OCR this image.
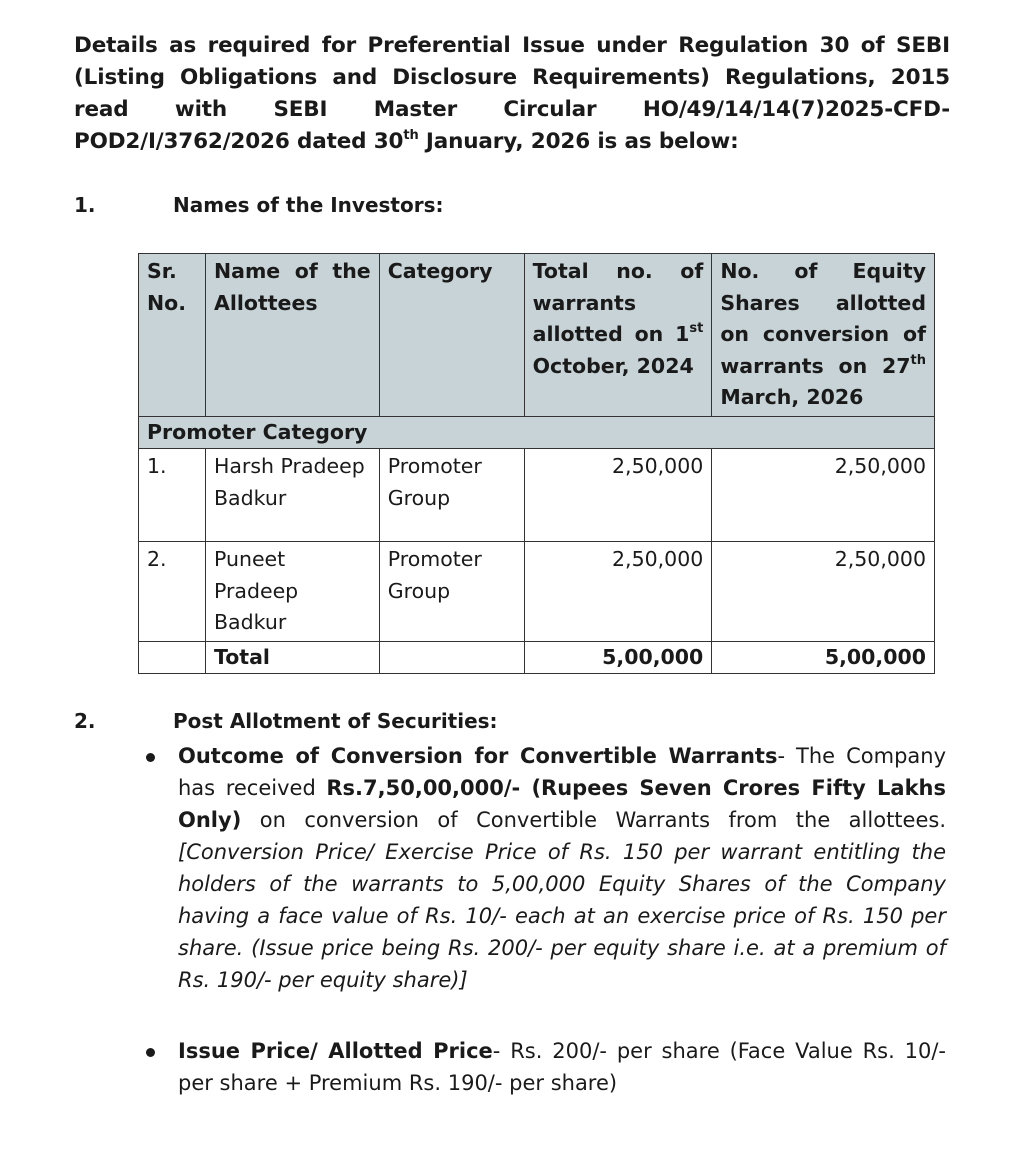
Details as required for Preferential Issue under Regulation 30 of SEBI (Listing Obligations and Disclosure Requirements) Regulations, 2015 read with SEBI Master Circular HO/49/14/14(7)2025-CFD-POD2/I/3762/2026 dated 30th January, 2026 is as below:
1.	Names of the Investors:
Sr. No.	Name of the Allottees	Category	Total no. of warrants allotted on 1st October, 2024	No. of Equity Shares allotted on conversion of warrants on 27th March, 2026
Promoter Category				
1.	Harsh Pradeep Badkur	Promoter Group	2,50,000	2,50,000
2.	Puneet Pradeep Badkur	Promoter Group	2,50,000	2,50,000
	Total		5,00,000	5,00,000
2.	Post Allotment of Securities:
Outcome of Conversion for Convertible Warrants- The Company has received Rs.7,50,00,000/- (Rupees Seven Crores Fifty Lakhs Only) on conversion of Convertible Warrants from the allottees. [Conversion Price/ Exercise Price of Rs. 150 per warrant entitling the holders of the warrants to 5,00,000 Equity Shares of the Company having a face value of Rs. 10/- each at an exercise price of Rs. 150 per share. (Issue price being Rs. 200/- per equity share i.e. at a premium of Rs. 190/- per equity share)]
Issue Price/ Allotted Price- Rs. 200/- per share (Face Value Rs. 10/- per share + Premium Rs. 190/- per share)
